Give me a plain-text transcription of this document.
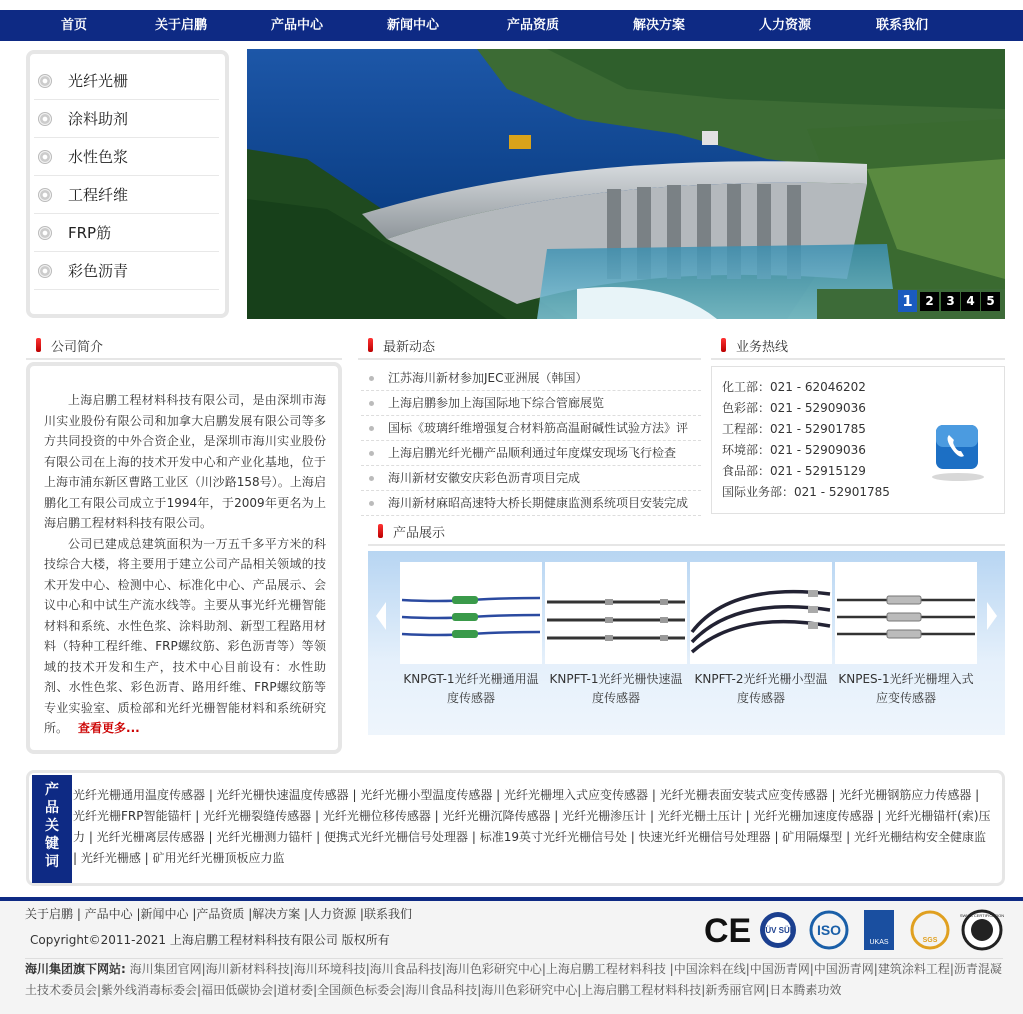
首页	关于启鹏	产品中心	新闻中心	产品资质	解决方案	人力资源	联系我们
光纤光栅
涂料助剂
水性色浆
工程纤维
FRP筋
彩色沥青
1	2	3 4 5
公司简介	最新动态	业务热线
产品展示

上海启鹏工程材料科技有限公司，是由深圳市海川实业股份有限公司和加拿大启鹏发展有限公司等多方共同投资的中外合资企业，是深圳市海川实业股份有限公司在上海的技术开发中心和产业化基地，位于上海市浦东新区曹路工业区（川沙路158号）。上海启鹏化工有限公司成立于1994年，于2009年更名为上海启鹏工程材料科技有限公司。

公司已建成总建筑面积为一万五千多平方米的科技综合大楼，将主要用于建立公司产品相关领域的技术开发中心、检测中心、标准化中心、产品展示、会议中心和中试生产流水线等。主要从事光纤光栅智能材料和系统、水性色浆、涂料助剂、新型工程路用材料（特种工程纤维、FRP螺纹筋、彩色沥青等）等领域的技术开发和生产，技术中心目前设有：水性助剂、水性色浆、彩色沥青、路用纤维、FRP螺纹筋等专业实验室、质检部和光纤光栅智能材料和系统研究所。 查看更多...

江苏海川新材参加JEC亚洲展（韩国）
上海启鹏参加上海国际地下综合管廊展览
国标《玻璃纤维增强复合材料筋高温耐碱性试验方法》评
上海启鹏光纤光栅产品顺利通过年度煤安现场飞行检查
海川新材安徽安庆彩色沥青项目完成
海川新材麻昭高速特大桥长期健康监测系统项目安装完成
化工部：021 - 62046202
色彩部：021 - 52909036
工程部：021 - 52901785
环境部：021 - 52909036
食品部：021 - 52915129
国际业务部：021 - 52901785
KNPGT-1光纤光栅通用温度传感器
KNPFT-1光纤光栅快速温度传感器
KNPFT-2光纤光栅小型温度传感器
KNPES-1光纤光栅埋入式应变传感器
产
品
关
键
词
光纤光栅通用温度传感器 | 光纤光栅快速温度传感器 | 光纤光栅小型温度传感器 | 光纤光栅埋入式应变传感器 | 光纤光栅表面安装式应变传感器 | 光纤光栅钢筋应力传感器 | 光纤光栅FRP智能锚杆 | 光纤光栅裂缝传感器 | 光纤光栅位移传感器 | 光纤光栅沉降传感器 | 光纤光栅渗压计 | 光纤光栅土压计 | 光纤光栅加速度传感器 | 光纤光栅锚杆(索)压力 | 光纤光栅离层传感器 | 光纤光栅测力锚杆 | 便携式光纤光栅信号处理器 | 标准19英寸光纤光栅信号处 | 快速光纤光栅信号处理器 | 矿用隔爆型 | 光纤光栅结构安全健康监 | 光纤光栅感 | 矿用光纤光栅顶板应力监
关于启鹏 | 产品中心 |新闻中心 |产品资质 |解决方案 |人力资源 |联系我们
Copyright©2011-2021 上海启鹏工程材料科技有限公司 版权所有	CE TÜV SÜD ISO
UKAS	SGS
SWISS CERTIFICATION
海川集团旗下网站: 海川集团官网|海川新材料科技|海川环境科技|海川食品科技|海川色彩研究中心|上海启鹏工程材料科技 |中国涂料在线|中国沥青网|中国沥青网|建筑涂料工程|沥青混凝土技术委员会|紫外线消毒标委会|福田低碳协会|道材委|全国颜色标委会|海川食品科技|海川色彩研究中心|上海启鹏工程材料科技|新秀丽官网|日本腾素功效
